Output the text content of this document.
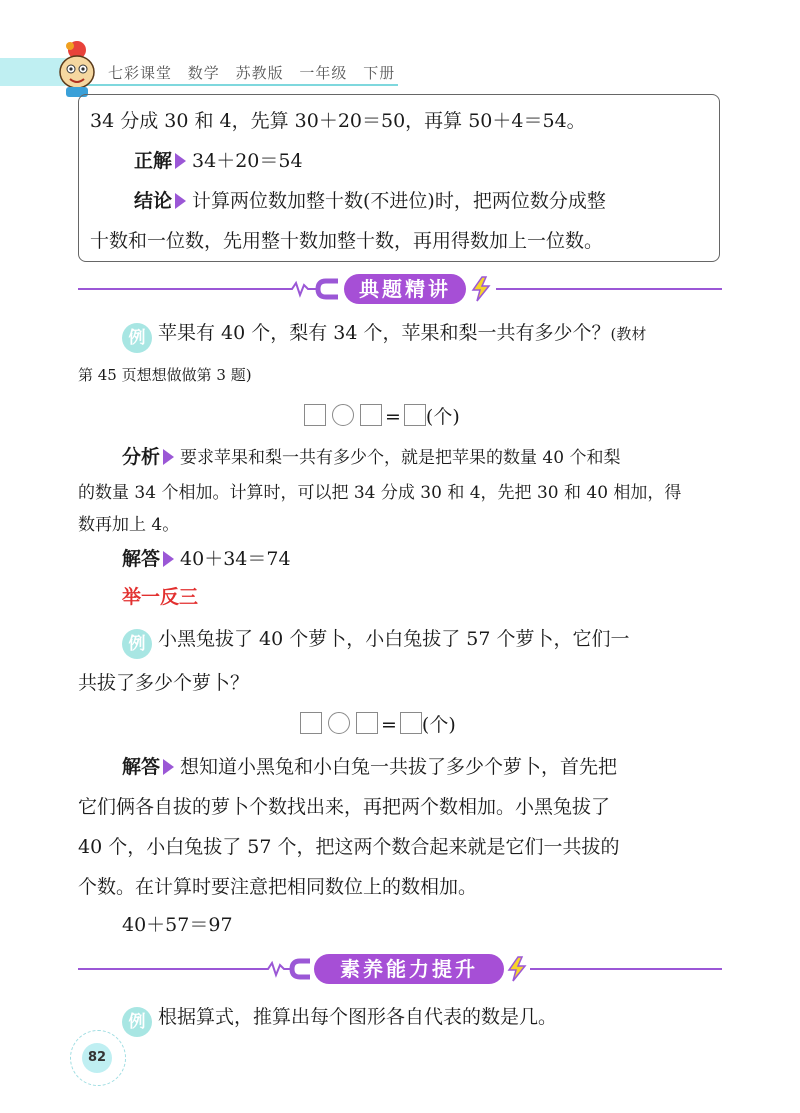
七彩课堂 数学 苏教版 一年级 下册
34 分成 30 和 4，先算 30＋20＝50，再算 50＋4＝54。
正解 34＋20＝54
结论 计算两位数加整十数(不进位)时，把两位数分成整
十数和一位数，先用整十数加整十数，再用得数加上一位数。
典题精讲
例 苹果有 40 个，梨有 34 个，苹果和梨一共有多少个？(教材
第 45 页想想做做第 3 题)
= (个)
分析 要求苹果和梨一共有多少个，就是把苹果的数量 40 个和梨
的数量 34 个相加。计算时，可以把 34 分成 30 和 4，先把 30 和 40 相加，得
数再加上 4。
解答 40＋34＝74
举一反三
例 小黑兔拔了 40 个萝卜，小白兔拔了 57 个萝卜，它们一
共拔了多少个萝卜？
= (个)
解答 想知道小黑兔和小白兔一共拔了多少个萝卜，首先把
它们俩各自拔的萝卜个数找出来，再把两个数相加。小黑兔拔了
40 个，小白兔拔了 57 个，把这两个数合起来就是它们一共拔的
个数。在计算时要注意把相同数位上的数相加。
40＋57＝97
素养能力提升
例 根据算式，推算出每个图形各自代表的数是几。
82
